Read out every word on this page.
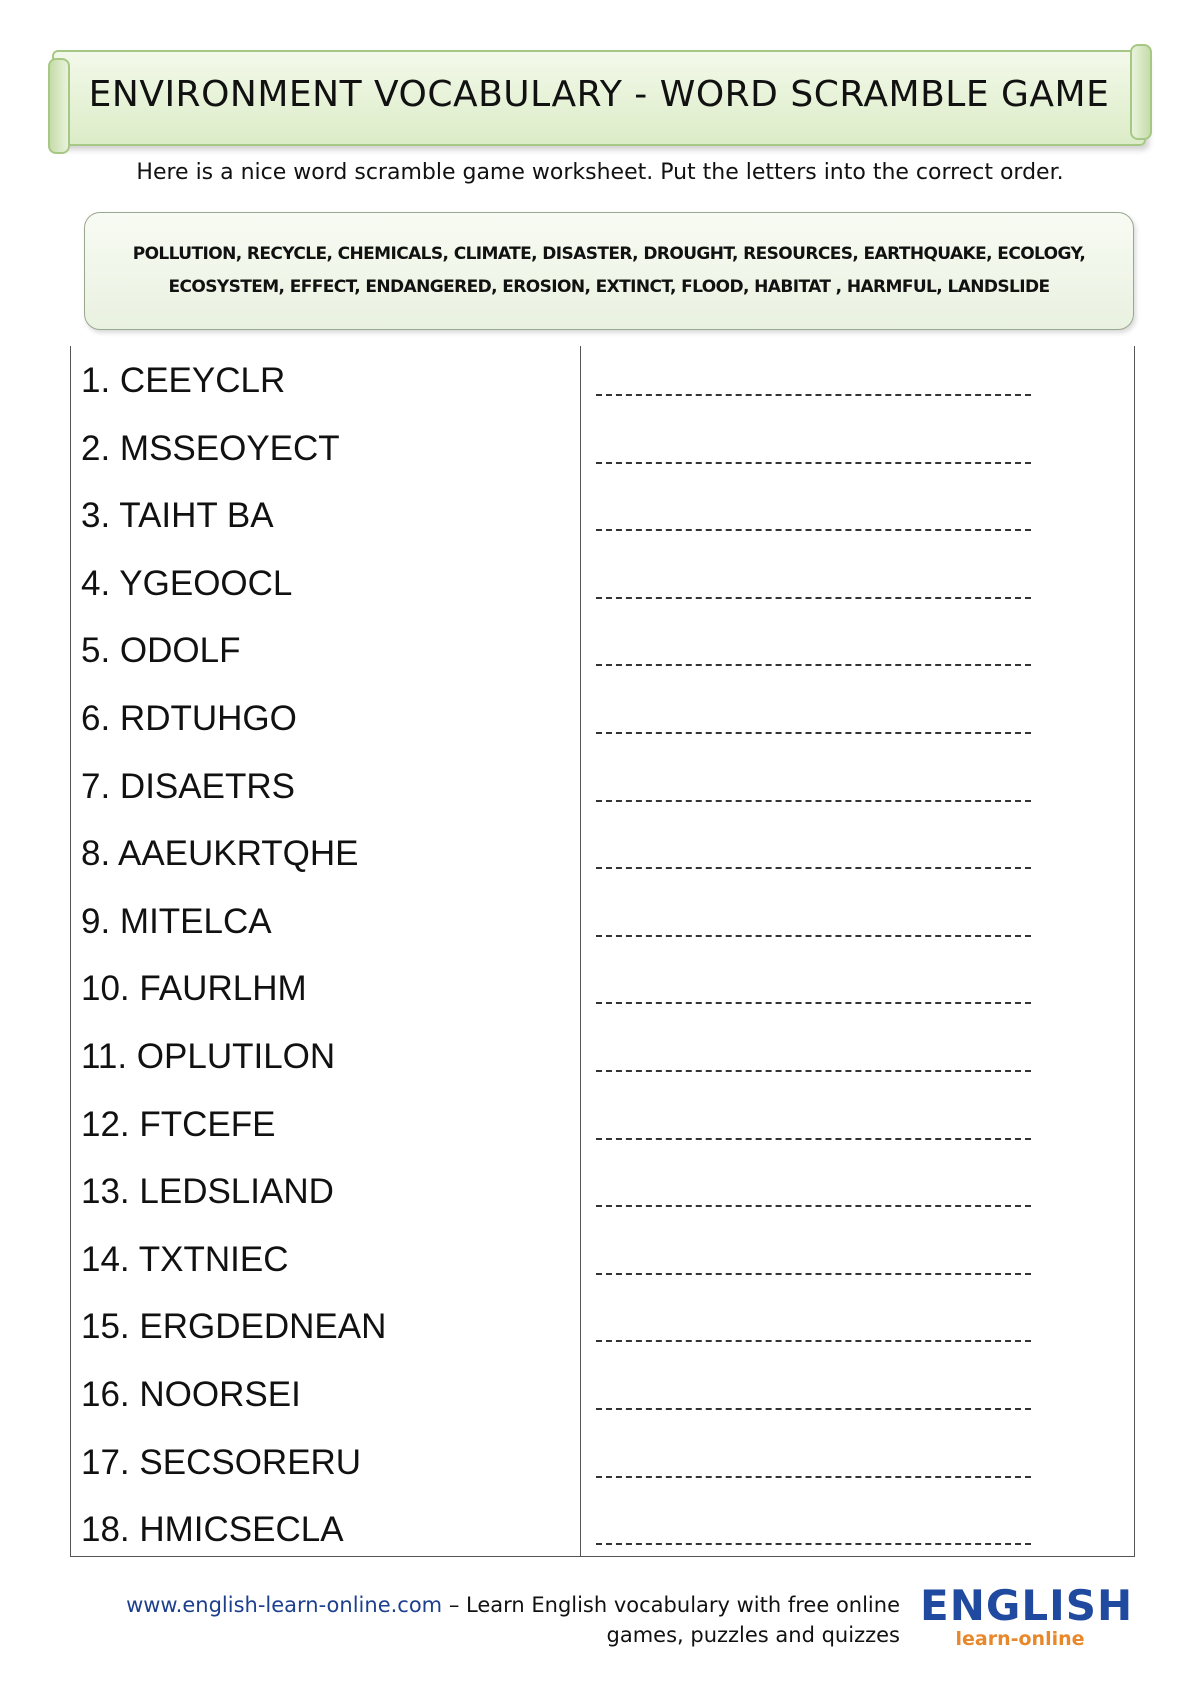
ENVIRONMENT VOCABULARY - WORD SCRAMBLE GAME
Here is a nice word scramble game worksheet. Put the letters into the correct order.
POLLUTION, RECYCLE, CHEMICALS, CLIMATE, DISASTER, DROUGHT, RESOURCES, EARTHQUAKE, ECOLOGY, ECOSYSTEM, EFFECT, ENDANGERED, EROSION, EXTINCT, FLOOD, HABITAT , HARMFUL, LANDSLIDE
1. CEEYCLR
2. MSSEOYECT
3. TAIHT BA
4. YGEOOCL
5. ODOLF
6. RDTUHGO
7. DISAETRS
8. AAEUKRTQHE
9. MITELCA
10. FAURLHM
11. OPLUTILON
12. FTCEFE
13. LEDSLIAND
14. TXTNIEC
15. ERGDEDNEAN
16. NOORSEI
17. SECSORERU
18. HMICSECLA
www.english-learn-online.com – Learn English vocabulary with free online
games, puzzles and quizzes
ENGLISH
learn-online
